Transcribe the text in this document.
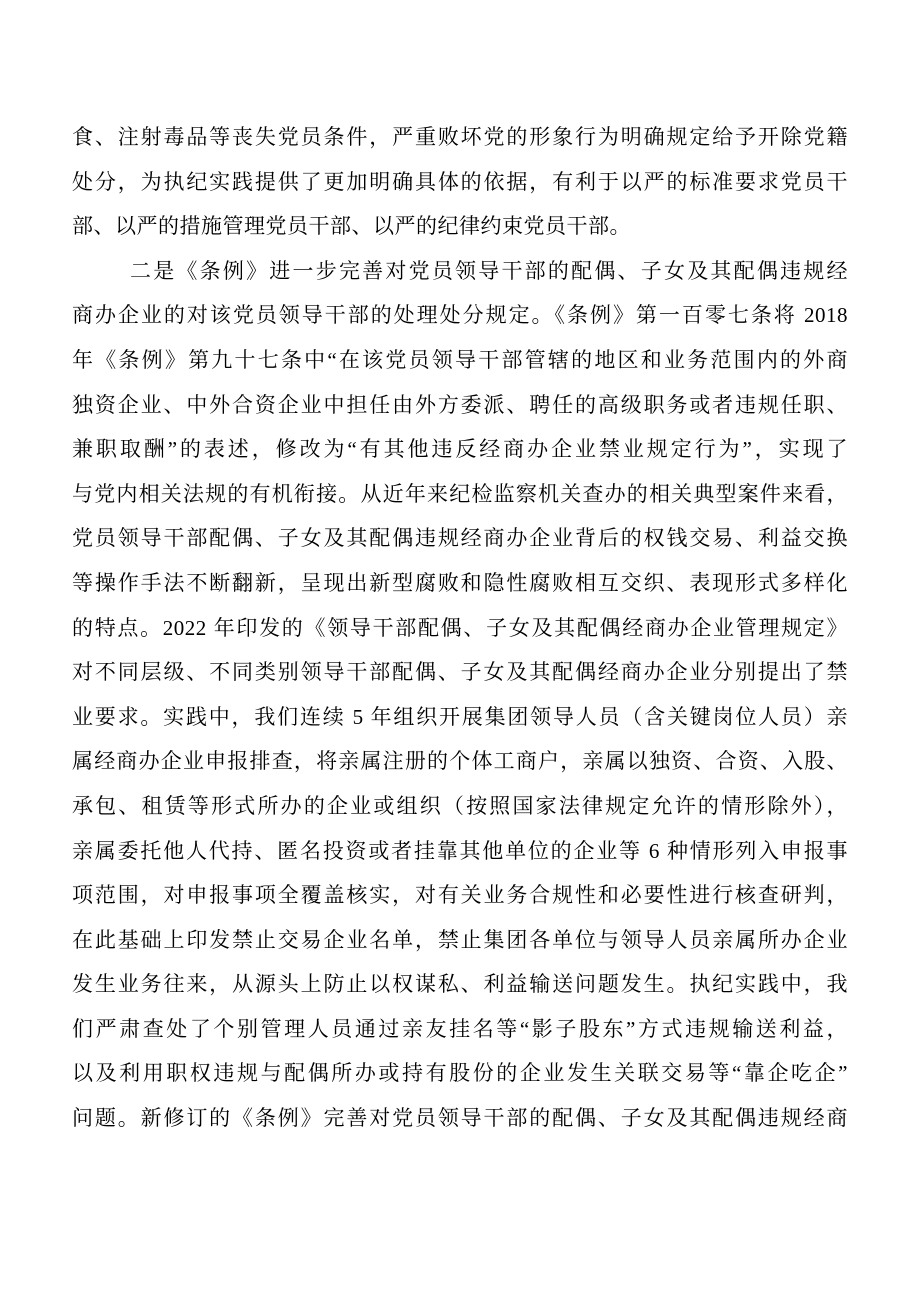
食、注射毒品等丧失党员条件，严重败坏党的形象行为明确规定给予开除党籍
处分，为执纪实践提供了更加明确具体的依据，有利于以严的标准要求党员干
部、以严的措施管理党员干部、以严的纪律约束党员干部。
二是《条例》进一步完善对党员领导干部的配偶、子女及其配偶违规经
商办企业的对该党员领导干部的处理处分规定。《条例》第一百零七条将 2018
年《条例》第九十七条中“在该党员领导干部管辖的地区和业务范围内的外商
独资企业、中外合资企业中担任由外方委派、聘任的高级职务或者违规任职、
兼职取酬”的表述，修改为“有其他违反经商办企业禁业规定行为”，实现了
与党内相关法规的有机衔接。从近年来纪检监察机关查办的相关典型案件来看，
党员领导干部配偶、子女及其配偶违规经商办企业背后的权钱交易、利益交换
等操作手法不断翻新，呈现出新型腐败和隐性腐败相互交织、表现形式多样化
的特点。2022 年印发的《领导干部配偶、子女及其配偶经商办企业管理规定》
对不同层级、不同类别领导干部配偶、子女及其配偶经商办企业分别提出了禁
业要求。实践中，我们连续 5 年组织开展集团领导人员（含关键岗位人员）亲
属经商办企业申报排查，将亲属注册的个体工商户，亲属以独资、合资、入股、
承包、租赁等形式所办的企业或组织（按照国家法律规定允许的情形除外），
亲属委托他人代持、匿名投资或者挂靠其他单位的企业等 6 种情形列入申报事
项范围，对申报事项全覆盖核实，对有关业务合规性和必要性进行核查研判，
在此基础上印发禁止交易企业名单，禁止集团各单位与领导人员亲属所办企业
发生业务往来，从源头上防止以权谋私、利益输送问题发生。执纪实践中，我
们严肃查处了个别管理人员通过亲友挂名等“影子股东”方式违规输送利益，
以及利用职权违规与配偶所办或持有股份的企业发生关联交易等“靠企吃企”
问题。新修订的《条例》完善对党员领导干部的配偶、子女及其配偶违规经商
